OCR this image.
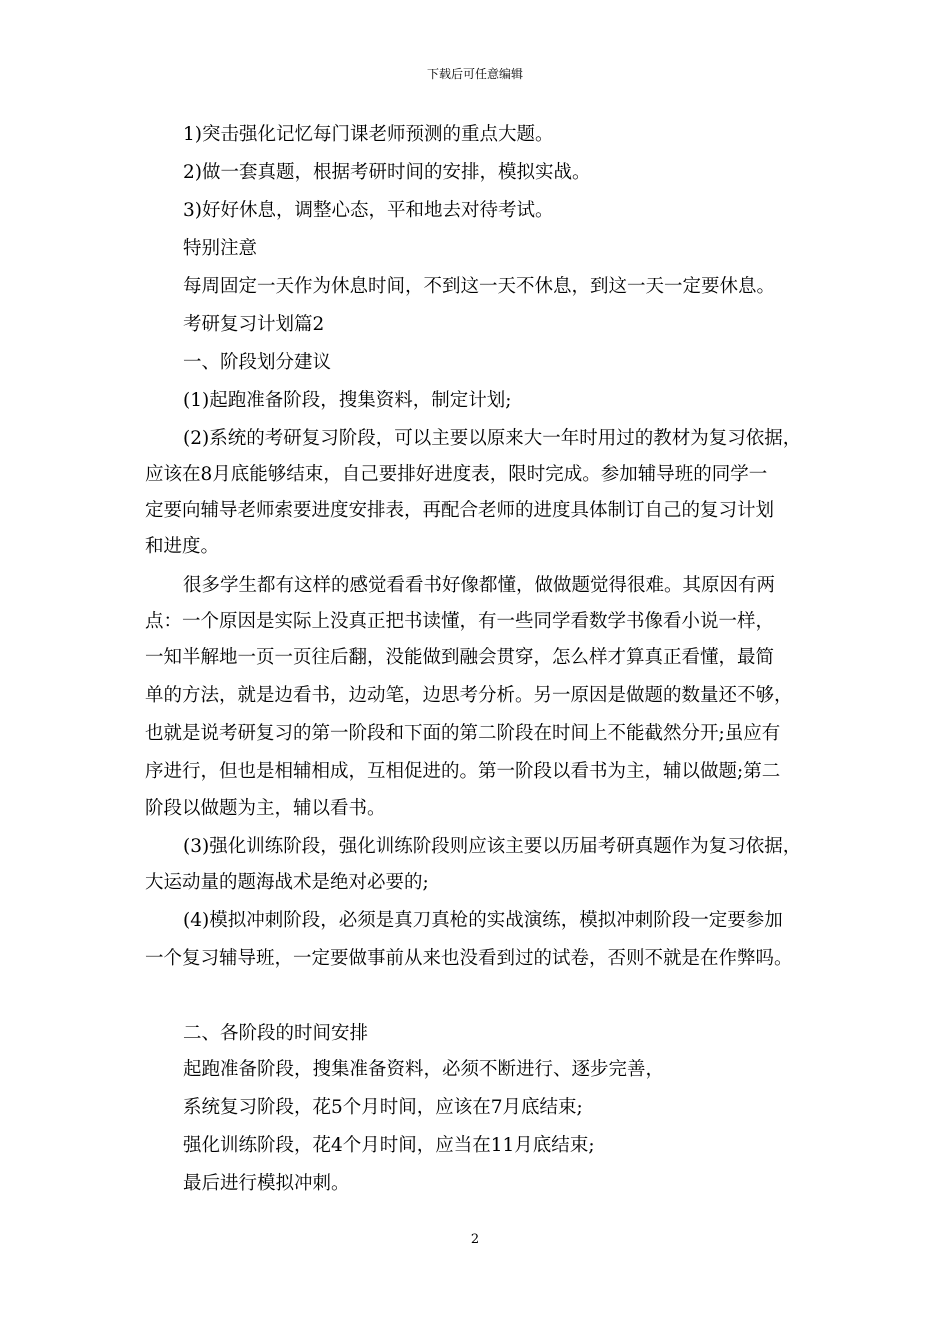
下载后可任意编辑
1)突击强化记忆每门课老师预测的重点大题。
2)做一套真题，根据考研时间的安排，模拟实战。
3)好好休息，调整心态，平和地去对待考试。
特别注意
每周固定一天作为休息时间，不到这一天不休息，到这一天一定要休息。
考研复习计划篇2
一、阶段划分建议
(1)起跑准备阶段，搜集资料，制定计划;
(2)系统的考研复习阶段，可以主要以原来大一年时用过的教材为复习依据，
应该在8月底能够结束，自己要排好进度表，限时完成。参加辅导班的同学一
定要向辅导老师索要进度安排表，再配合老师的进度具体制订自己的复习计划
和进度。
很多学生都有这样的感觉看看书好像都懂，做做题觉得很难。其原因有两
点：一个原因是实际上没真正把书读懂，有一些同学看数学书像看小说一样，
一知半解地一页一页往后翻，没能做到融会贯穿，怎么样才算真正看懂，最简
单的方法，就是边看书，边动笔，边思考分析。另一原因是做题的数量还不够，
也就是说考研复习的第一阶段和下面的第二阶段在时间上不能截然分开;虽应有
序进行，但也是相辅相成，互相促进的。第一阶段以看书为主，辅以做题;第二
阶段以做题为主，辅以看书。
(3)强化训练阶段，强化训练阶段则应该主要以历届考研真题作为复习依据，
大运动量的题海战术是绝对必要的;
(4)模拟冲刺阶段，必须是真刀真枪的实战演练，模拟冲刺阶段一定要参加
一个复习辅导班，一定要做事前从来也没看到过的试卷，否则不就是在作弊吗。
二、各阶段的时间安排
起跑准备阶段，搜集准备资料，必须不断进行、逐步完善，
系统复习阶段，花5个月时间，应该在7月底结束;
强化训练阶段，花4个月时间，应当在11月底结束;
最后进行模拟冲刺。
2
